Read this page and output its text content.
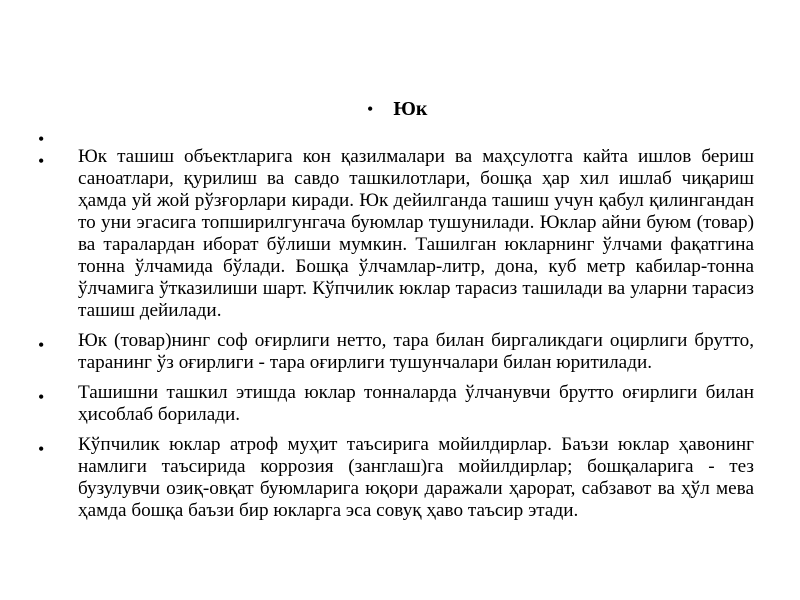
• Юк
•
• Юк ташиш объектларига кон қазилмалари ва маҳсулотга кайта ишлов бериш саноатлари, қурилиш ва савдо ташкилотлари, бошқа ҳар хил ишлаб чиқариш ҳамда уй жой рўзғорлари киради. Юк дейилганда ташиш учун қабул қилингандан то уни эгасига топширилгунгача буюмлар тушунилади. Юклар айни буюм (товар) ва таралардан иборат бўлиши мумкин. Ташилган юкларнинг ўлчами фақатгина тонна ўлчамида бўлади. Бошқа ўлчамлар-литр, дона, куб метр кабилар-тонна ўлчамига ўтказилиши шарт. Кўпчилик юклар тарасиз ташилади ва уларни тарасиз ташиш дейилади.
• Юк (товар)нинг соф оғирлиги нетто, тара билан биргаликдаги оцирлиги брутто, таранинг ўз оғирлиги - тара оғирлиги тушунчалари билан юритилади.
• Ташишни ташкил этишда юклар тонналарда ўлчанувчи брутто оғирлиги билан ҳисоблаб борилади.
• Кўпчилик юклар атроф муҳит таъсирига мойилдирлар. Баъзи юклар ҳавонинг намлиги таъсирида коррозия (занглаш)га мойилдирлар; бошқаларига - тез бузулувчи озиқ-овқат буюмларига юқори даражали ҳарорат, сабзавот ва ҳўл мева ҳамда бошқа баъзи бир юкларга эса совуқ ҳаво таъсир этади.
